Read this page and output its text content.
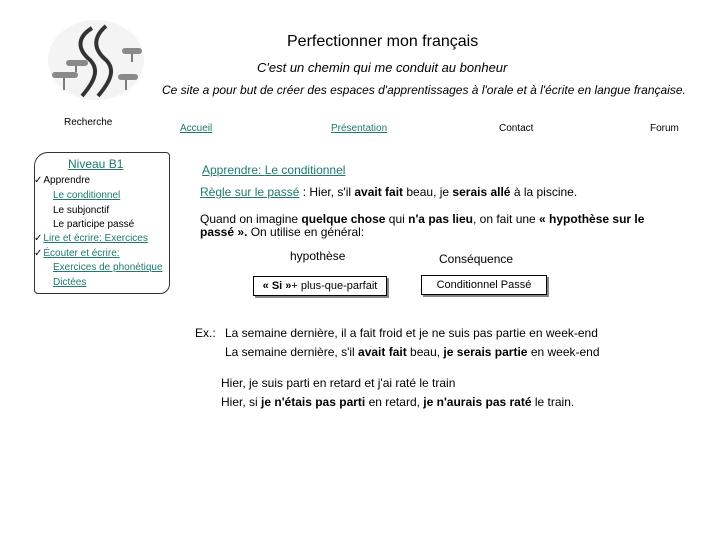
Perfectionner mon français
C'est un chemin qui me conduit au bonheur
Ce site a pour but de créer des espaces d'apprentissages à l'orale et à l'écrite en langue française.
Recherche
Accueil	Présentation	Contact	Forum
Niveau B1
✓Apprendre
Le conditionnel
Le subjonctif
Le participe passé
✓Lire et écrire: Exercices
✓Écouter et écrire:
Exercices de phonétique
Dictées
Apprendre: Le conditionnel
Règle sur le passé : Hier, s'il avait fait beau, je serais allé à la piscine.
Quand on imagine quelque chose qui n'a pas lieu, on fait une « hypothèse sur le
passé ». On utilise en général:
hypothèse	Conséquence
« Si » + plus-que-parfait	Conditionnel Passé
Ex.: La semaine dernière, il a fait froid et je ne suis pas partie en week-end
La semaine dernière, s'il avait fait beau, je serais partie en week-end
Hier, je suis parti en retard et j'ai raté le train
Hier, si je n'étais pas parti en retard, je n'aurais pas raté le train.
